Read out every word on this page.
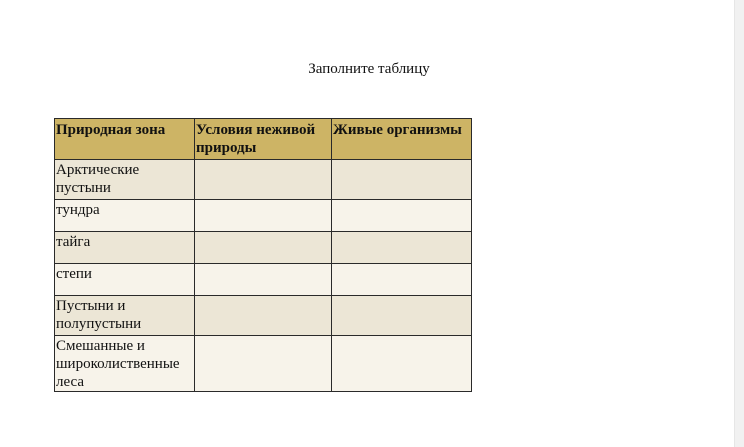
Заполните таблицу
Природная зона	Условия неживой природы	Живые организмы
Арктические пустыни		
тундра		
тайга		
степи		
Пустыни и полупустыни		
Смешанные и широколиственные леса		
